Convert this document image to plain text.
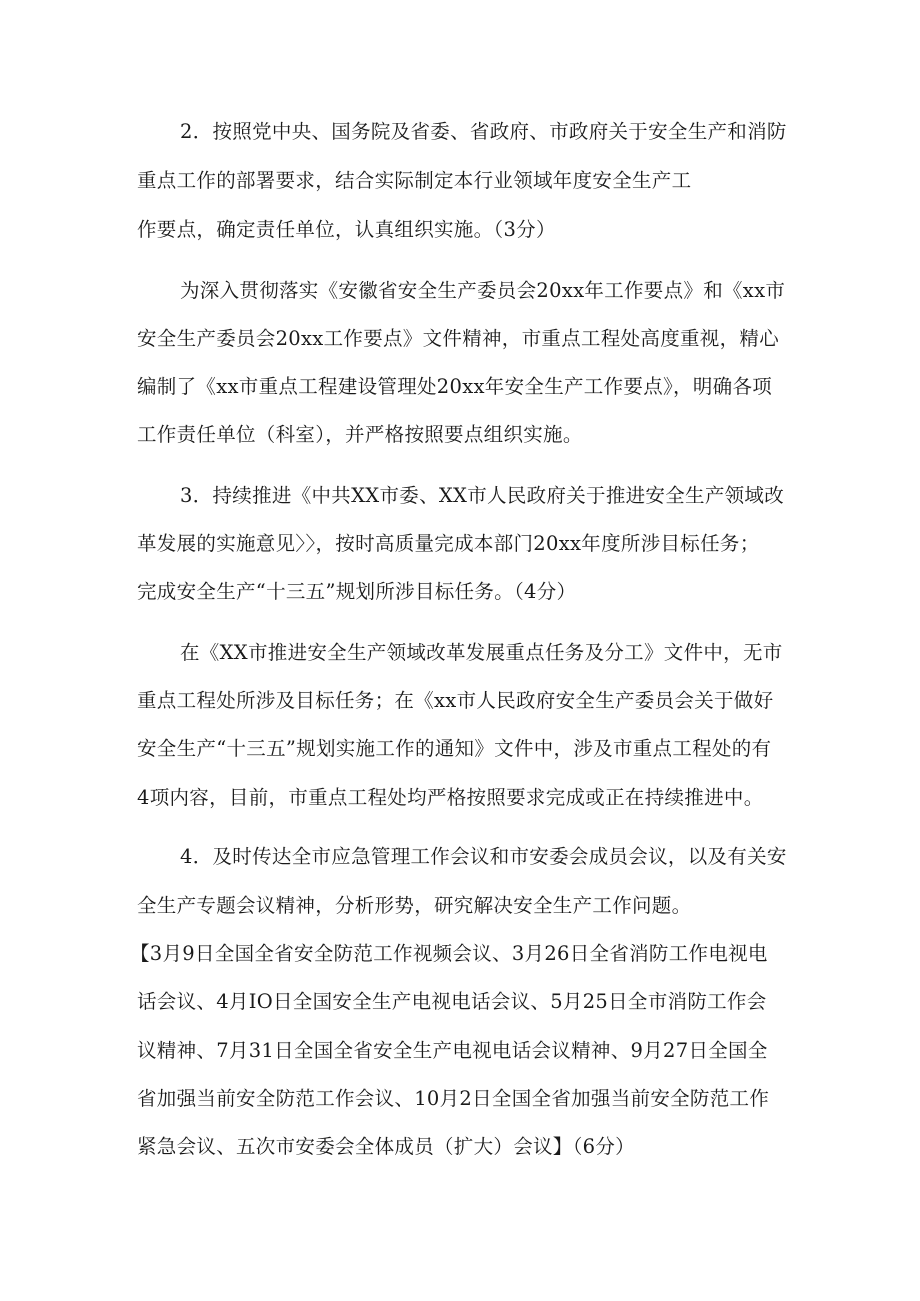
2．按照党中央、国务院及省委、省政府、市政府关于安全生产和消防
重点工作的部署要求，结合实际制定本行业领域年度安全生产工
作要点，确定责任单位，认真组织实施。（3分）
为深入贯彻落实《安徽省安全生产委员会20xx年工作要点》和《xx市
安全生产委员会20xx工作要点》文件精神，市重点工程处高度重视，精心
编制了《xx市重点工程建设管理处20xx年安全生产工作要点》，明确各项
工作责任单位（科室），并严格按照要点组织实施。
3．持续推进《中共XX市委、XX市人民政府关于推进安全生产领域改
革发展的实施意见〉〉，按时高质量完成本部门20xx年度所涉目标任务；
完成安全生产“十三五”规划所涉目标任务。（4分）
在《XX市推进安全生产领域改革发展重点任务及分工》文件中，无市
重点工程处所涉及目标任务；在《xx市人民政府安全生产委员会关于做好
安全生产“十三五”规划实施工作的通知》文件中，涉及市重点工程处的有
4项内容，目前，市重点工程处均严格按照要求完成或正在持续推进中。
4．及时传达全市应急管理工作会议和市安委会成员会议，以及有关安
全生产专题会议精神，分析形势，研究解决安全生产工作问题。
【3月9日全国全省安全防范工作视频会议、3月26日全省消防工作电视电
话会议、4月IO日全国安全生产电视电话会议、5月25日全市消防工作会
议精神、7月31日全国全省安全生产电视电话会议精神、9月27日全国全
省加强当前安全防范工作会议、10月2日全国全省加强当前安全防范工作
紧急会议、五次市安委会全体成员（扩大）会议】（6分）
